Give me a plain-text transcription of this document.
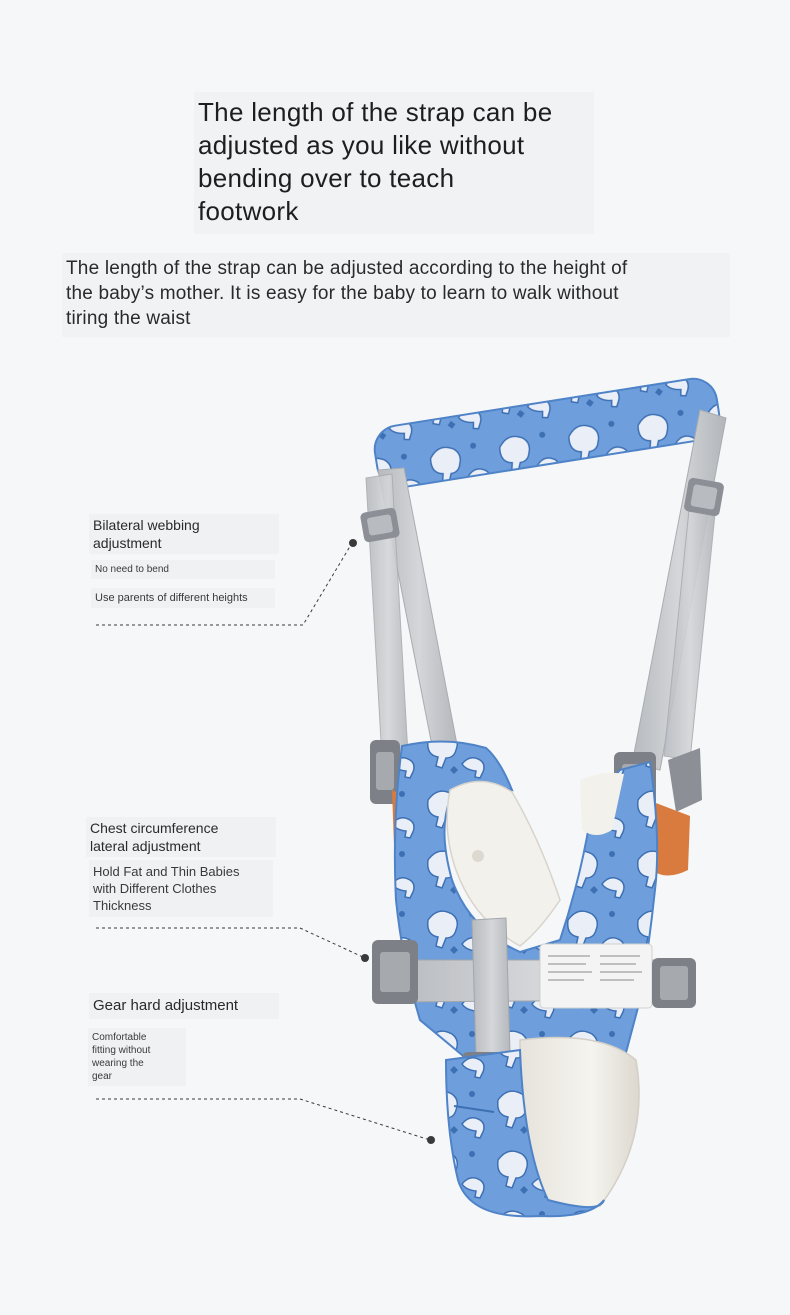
The length of the strap can be
adjusted as you like without
bending over to teach
footwork
The length of the strap can be adjusted according to the height of
the baby’s mother. It is easy for the baby to learn to walk without
tiring the waist
Bilateral webbing
adjustment
No need to bend
Use parents of different heights
Chest circumference
lateral adjustment
Hold Fat and Thin Babies
with Different Clothes
Thickness
Gear hard adjustment
Comfortable
fitting without
wearing the
gear
